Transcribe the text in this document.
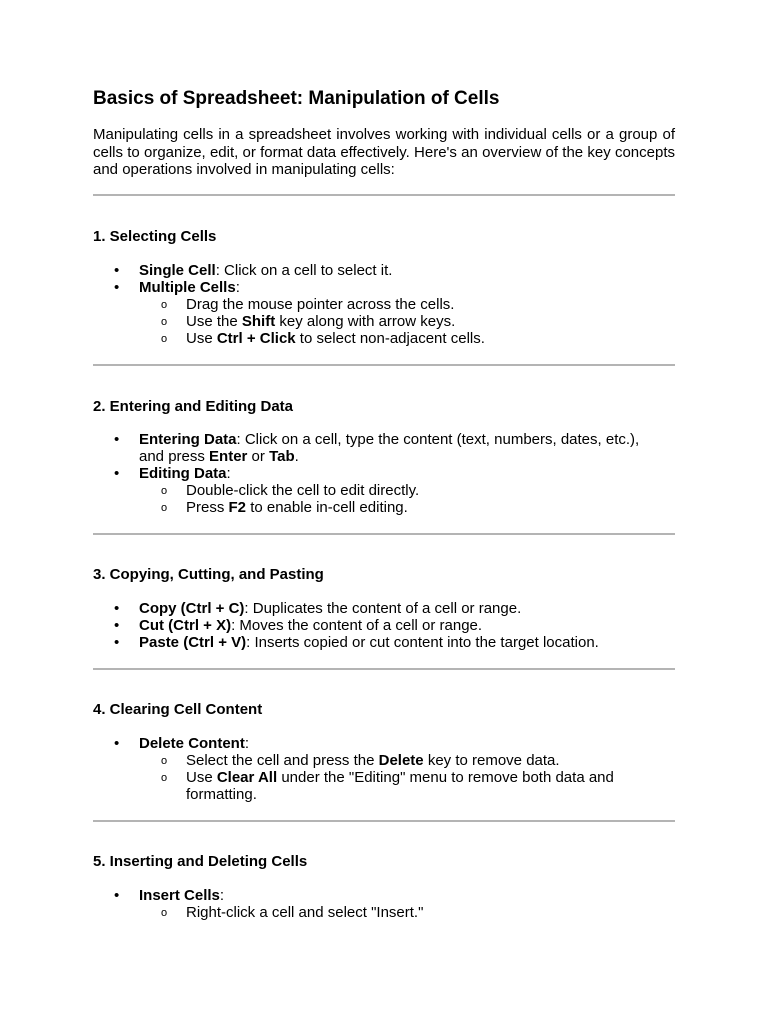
Basics of Spreadsheet: Manipulation of Cells

Manipulating cells in a spreadsheet involves working with individual cells or a group of cells to organize, edit, or format data effectively. Here's an overview of the key concepts and operations involved in manipulating cells:

1. Selecting Cells
• Single Cell: Click on a cell to select it.
• Multiple Cells:
o Drag the mouse pointer across the cells.
o Use the Shift key along with arrow keys.
o Use Ctrl + Click to select non-adjacent cells.
2. Entering and Editing Data
• Entering Data: Click on a cell, type the content (text, numbers, dates, etc.),
and press Enter or Tab.
• Editing Data:
o Double-click the cell to edit directly.
o Press F2 to enable in-cell editing.
3. Copying, Cutting, and Pasting
• Copy (Ctrl + C): Duplicates the content of a cell or range.
• Cut (Ctrl + X): Moves the content of a cell or range.
• Paste (Ctrl + V): Inserts copied or cut content into the target location.
4. Clearing Cell Content
• Delete Content:
o Select the cell and press the Delete key to remove data.
o Use Clear All under the "Editing" menu to remove both data and
formatting.
5. Inserting and Deleting Cells
• Insert Cells:
o Right-click a cell and select "Insert."
